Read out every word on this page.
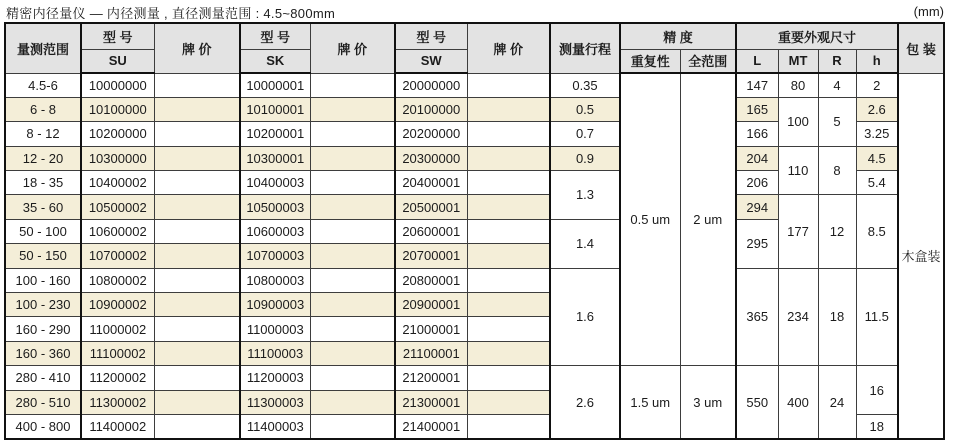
精密内径量仪 — 内径测量 , 直径测量范围 : 4.5~800mm	(mm)
量测范围	型 号	牌 价	型 号	牌 价	型 号	牌 价	测量行程	精 度		重要外观尺寸				包 装
	SU		SK		SW			重复性	全范围	L	MT	R	h	
4.5-6	10000000		10000001		20000000		0.35	0.5 um	2 um	147	80	4	2	木盒装
6 - 8	10100000		10100001		20100000		0.5			165	100	5	2.6	
8 - 12	10200000		10200001		20200000		0.7			166			3.25	
12 - 20	10300000		10300001		20300000		0.9			204	110	8	4.5	
18 - 35	10400002		10400003		20400001		1.3			206			5.4	
35 - 60	10500002		10500003		20500001					294	177	12	8.5	
50 - 100	10600002		10600003		20600001		1.4			295				
50 - 150	10700002		10700003		20700001									
100 - 160	10800002		10800003		20800001		1.6			365	234	18	11.5	
100 - 230	10900002		10900003		20900001									
160 - 290	11000002		11000003		21000001									
160 - 360	11100002		11100003		21100001									
280 - 410	11200002		11200003		21200001		2.6	1.5 um	3 um	550	400	24	16	
280 - 510	11300002		11300003		21300001									
400 - 800	11400002		11400003		21400001								18	
